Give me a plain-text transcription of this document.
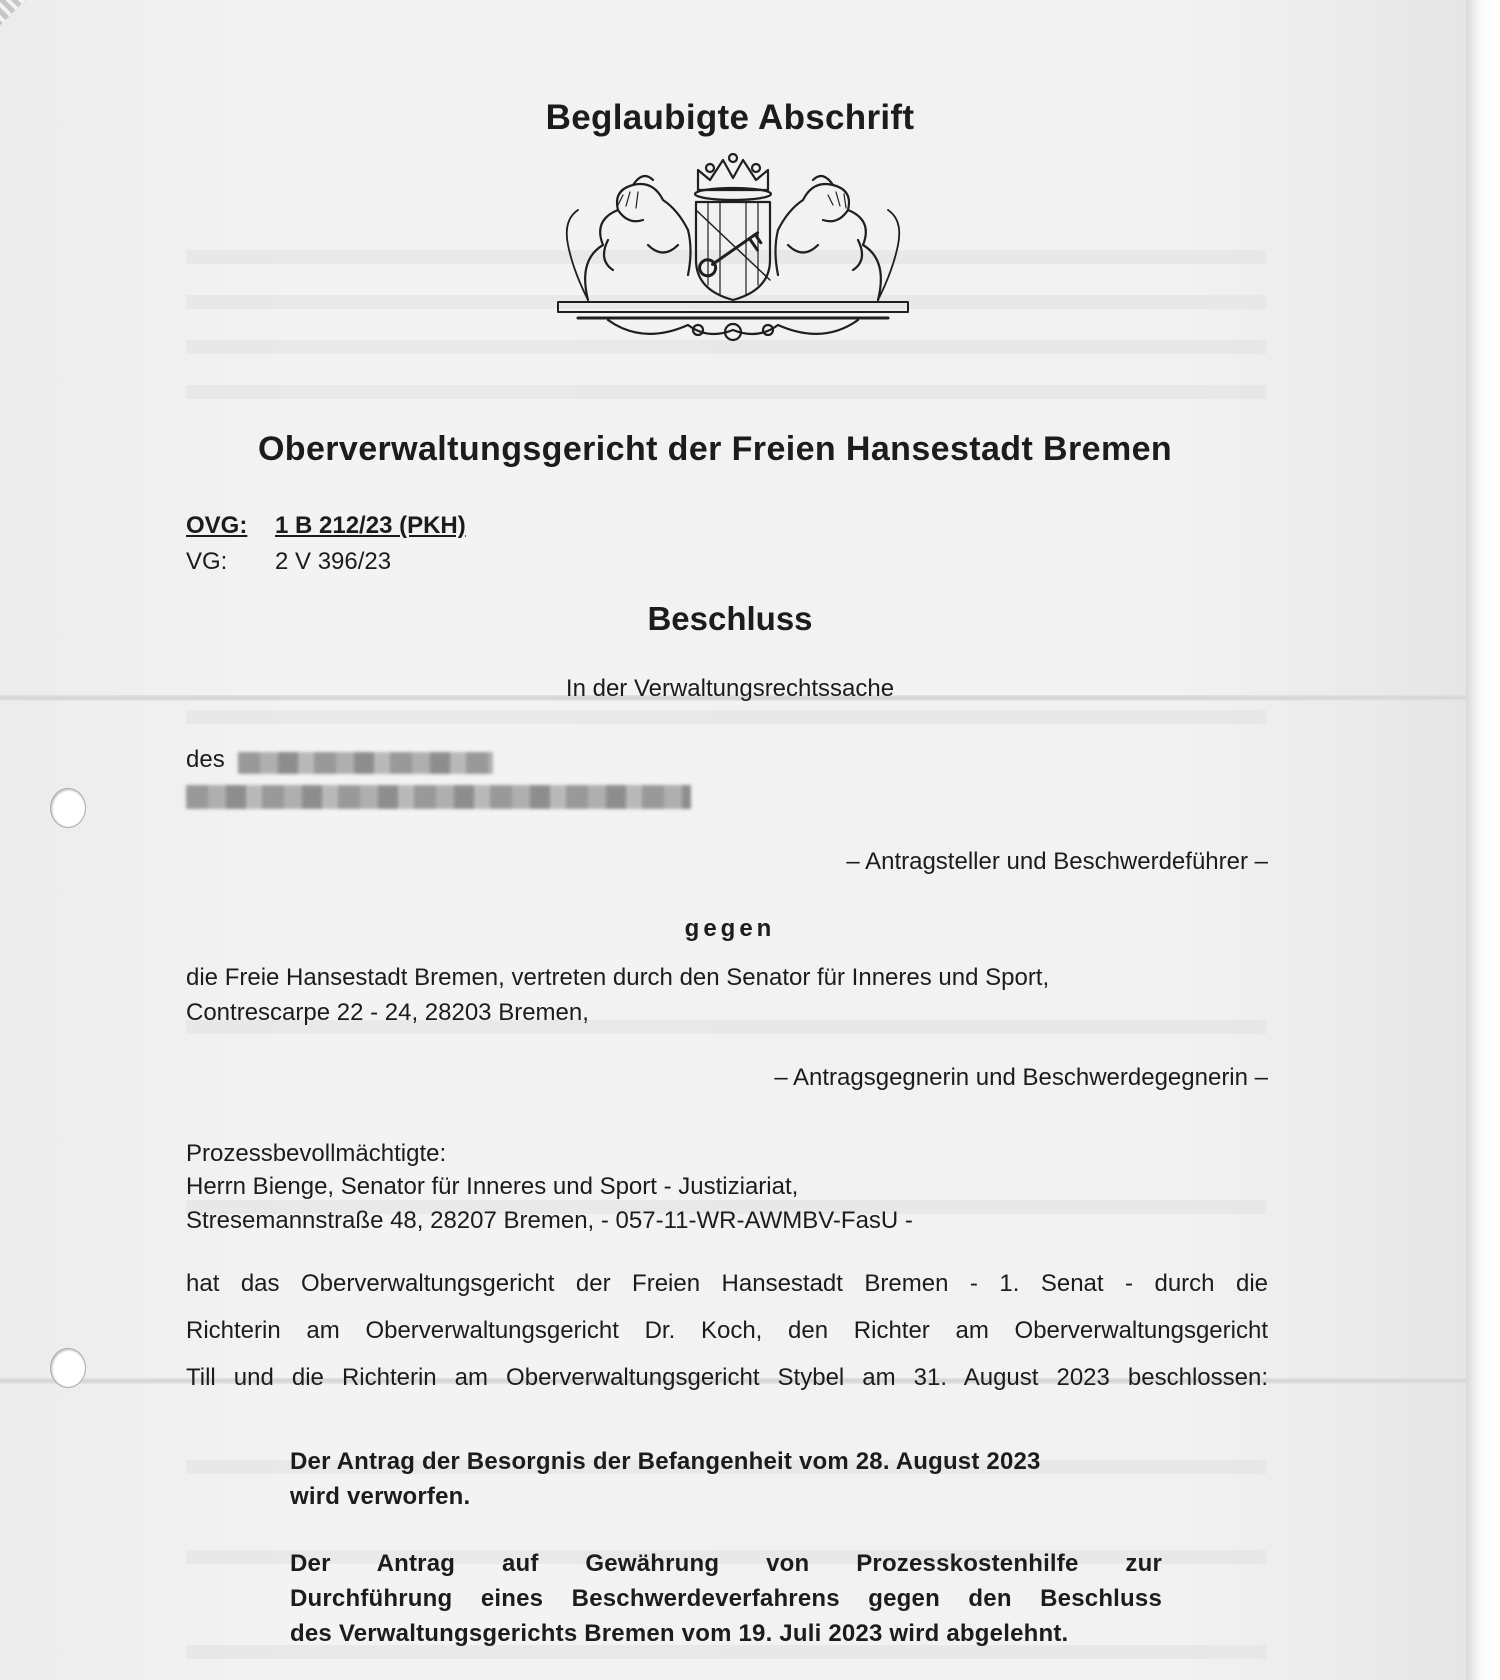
Beglaubigte Abschrift
Oberverwaltungsgericht der Freien Hansestadt Bremen
OVG: 1 B 212/23 (PKH)
VG: 2 V 396/23
Beschluss
In der Verwaltungsrechtssache
des
– Antragsteller und Beschwerdeführer –
gegen
die Freie Hansestadt Bremen, vertreten durch den Senator für Inneres und Sport,
Contrescarpe 22 - 24, 28203 Bremen,
– Antragsgegnerin und Beschwerdegegnerin –
Prozessbevollmächtigte:
Herrn Bienge, Senator für Inneres und Sport - Justiziariat,
Stresemannstraße 48, 28207 Bremen, - 057-11-WR-AWMBV-FasU -
hat das Oberverwaltungsgericht der Freien Hansestadt Bremen - 1. Senat - durch die
Richterin am Oberverwaltungsgericht Dr. Koch, den Richter am Oberverwaltungsgericht
Till und die Richterin am Oberverwaltungsgericht Stybel am 31. August 2023 beschlossen:
Der Antrag der Besorgnis der Befangenheit vom 28. August 2023
wird verworfen.
Der Antrag auf Gewährung von Prozesskostenhilfe zur
Durchführung eines Beschwerdeverfahrens gegen den Beschluss
des Verwaltungsgerichts Bremen vom 19. Juli 2023 wird abgelehnt.
